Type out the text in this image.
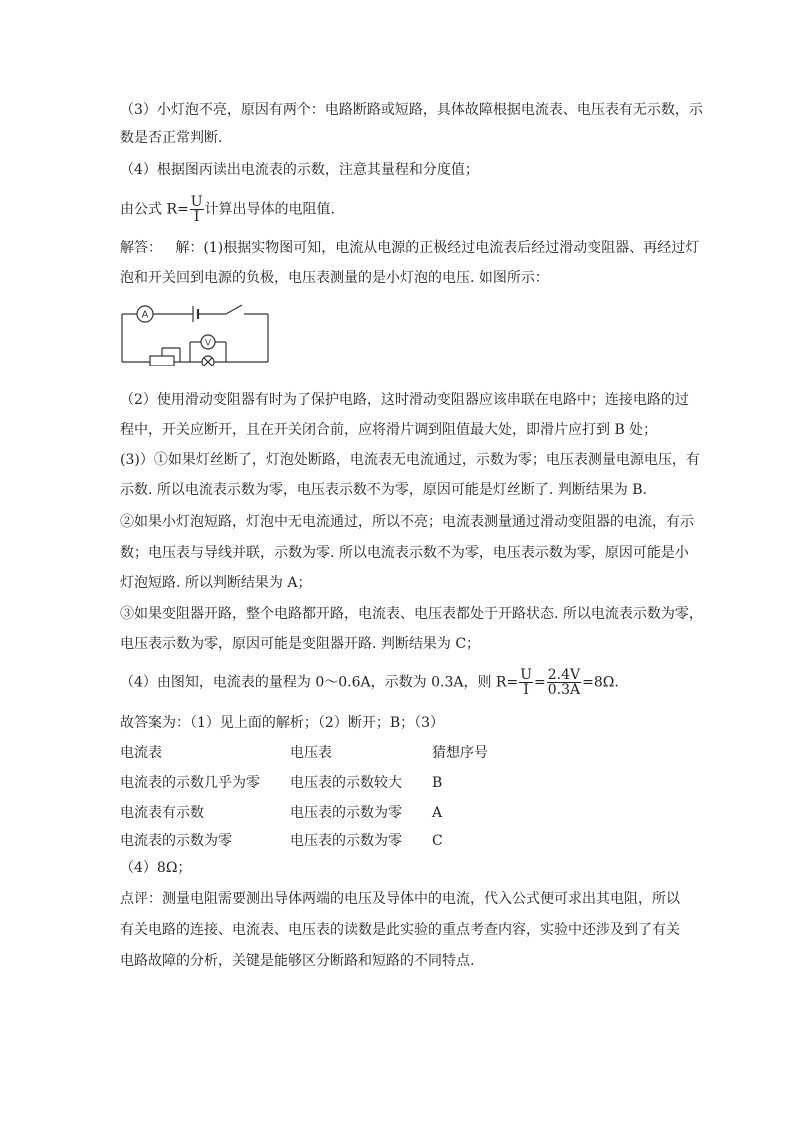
（3）小灯泡不亮，原因有两个：电路断路或短路，具体故障根据电流表、电压表有无示数，示
数是否正常判断.
（4）根据图丙读出电流表的示数，注意其量程和分度值；
由公式 $R= \frac{U}{I}$ 计算出导体的电阻值.
解答： 解：(1)根据实物图可知，电流从电源的正极经过电流表后经过滑动变阻器、再经过灯
泡和开关回到电源的负极，电压表测量的是小灯泡的电压. 如图所示：
A
V
（2）使用滑动变阻器有时为了保护电路，这时滑动变阻器应该串联在电路中；连接电路的过
程中，开关应断开，且在开关闭合前，应将滑片调到阻值最大处，即滑片应打到 B 处；
(3)）①如果灯丝断了，灯泡处断路，电流表无电流通过，示数为零；电压表测量电源电压，有
示数. 所以电流表示数为零，电压表示数不为零，原因可能是灯丝断了. 判断结果为 B.
②如果小灯泡短路，灯泡中无电流通过，所以不亮；电流表测量通过滑动变阻器的电流，有示
数；电压表与导线并联，示数为零. 所以电流表示数不为零，电压表示数为零，原因可能是小
灯泡短路. 所以判断结果为 A；
③如果变阻器开路，整个电路都开路，电流表、电压表都处于开路状态. 所以电流表示数为零，
电压表示数为零，原因可能是变阻器开路. 判断结果为 C；
（4）由图知，电流表的量程为 0～0.6A，示数为 0.3A，则 $R= \frac{U}{I} = \frac{2.4V}{0.3A} =8\Omega$.
故答案为：（1）见上面的解析；（2）断开；B；（3）
电流表	电压表	猜想序号
电流表的示数几乎为零 电压表的示数较大 B
电流表有示数	电压表的示数为零 A
电流表的示数为零	电压表的示数为零 C
（4）8Ω；
点评：测量电阻需要测出导体两端的电压及导体中的电流，代入公式便可求出其电阻，所以
有关电路的连接、电流表、电压表的读数是此实验的重点考查内容，实验中还涉及到了有关
电路故障的分析，关键是能够区分断路和短路的不同特点.
